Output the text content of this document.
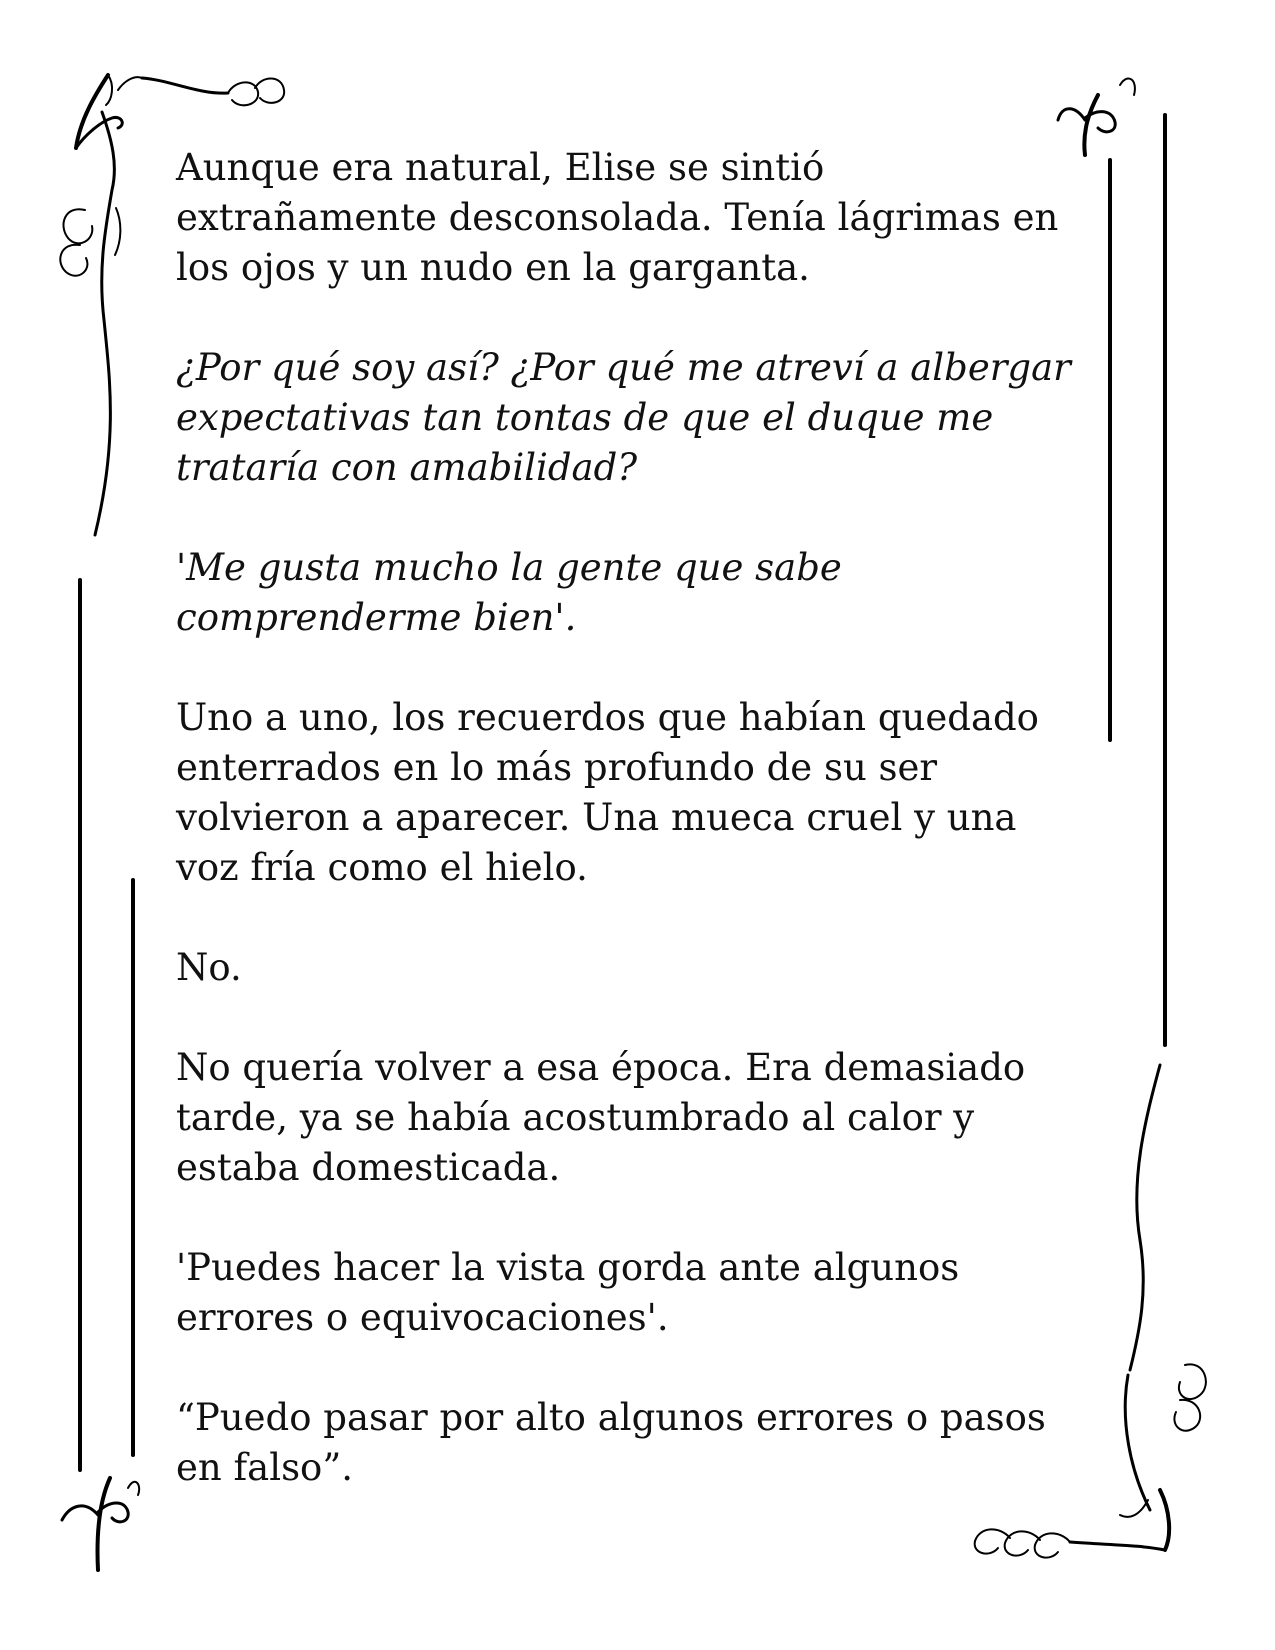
Aunque era natural, Elise se sintió
extrañamente desconsolada. Tenía lágrimas en
los ojos y un nudo en la garganta.

¿Por qué soy así? ¿Por qué me atreví a albergar
expectativas tan tontas de que el duque me
trataría con amabilidad?

'Me gusta mucho la gente que sabe
comprenderme bien'.

Uno a uno, los recuerdos que habían quedado
enterrados en lo más profundo de su ser
volvieron a aparecer. Una mueca cruel y una
voz fría como el hielo.

No.

No quería volver a esa época. Era demasiado
tarde, ya se había acostumbrado al calor y
estaba domesticada.

'Puedes hacer la vista gorda ante algunos
errores o equivocaciones'.

“Puedo pasar por alto algunos errores o pasos
en falso”.
